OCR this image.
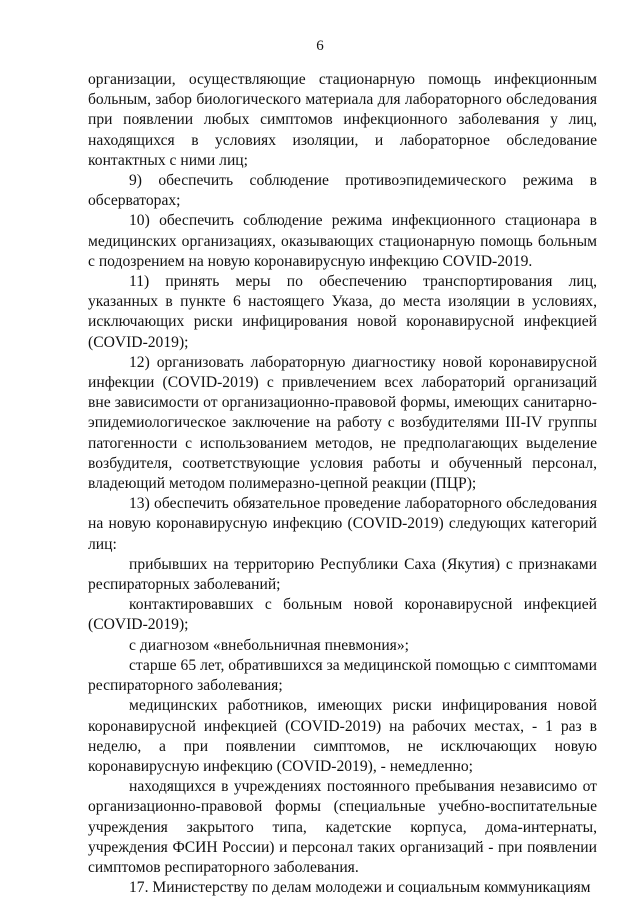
6

организации, осуществляющие стационарную помощь инфекционным больным, забор биологического материала для лабораторного обследования при появлении любых симптомов инфекционного заболевания у лиц, находящихся в условиях изоляции, и лабораторное обследование контактных с ними лиц;

9) обеспечить соблюдение противоэпидемического режима в обсерваторах;

10) обеспечить соблюдение режима инфекционного стационара в медицинских организациях, оказывающих стационарную помощь больным с подозрением на новую коронавирусную инфекцию COVID-2019.

11) принять меры по обеспечению транспортирования лиц, указанных в пункте 6 настоящего Указа, до места изоляции в условиях, исключающих риски инфицирования новой коронавирусной инфекцией (COVID-2019);

12) организовать лабораторную диагностику новой коронавирусной инфекции (COVID-2019) с привлечением всех лабораторий организаций вне зависимости от организационно-правовой формы, имеющих санитарно-эпидемиологическое заключение на работу с возбудителями III-IV группы патогенности с использованием методов, не предполагающих выделение возбудителя, соответствующие условия работы и обученный персонал, владеющий методом полимеразно-цепной реакции (ПЦР);

13) обеспечить обязательное проведение лабораторного обследования на новую коронавирусную инфекцию (COVID-2019) следующих категорий лиц:

прибывших на территорию Республики Саха (Якутия) с признаками респираторных заболеваний;

контактировавших с больным новой коронавирусной инфекцией (COVID-2019);

с диагнозом «внебольничная пневмония»;

старше 65 лет, обратившихся за медицинской помощью с симптомами респираторного заболевания;

медицинских работников, имеющих риски инфицирования новой коронавирусной инфекцией (COVID-2019) на рабочих местах, - 1 раз в неделю, а при появлении симптомов, не исключающих новую коронавирусную инфекцию (COVID-2019), - немедленно;

находящихся в учреждениях постоянного пребывания независимо от организационно-правовой формы (специальные учебно-воспитательные учреждения закрытого типа, кадетские корпуса, дома-интернаты, учреждения ФСИН России) и персонал таких организаций - при появлении симптомов респираторного заболевания.

17. Министерству по делам молодежи и социальным коммуникациям
